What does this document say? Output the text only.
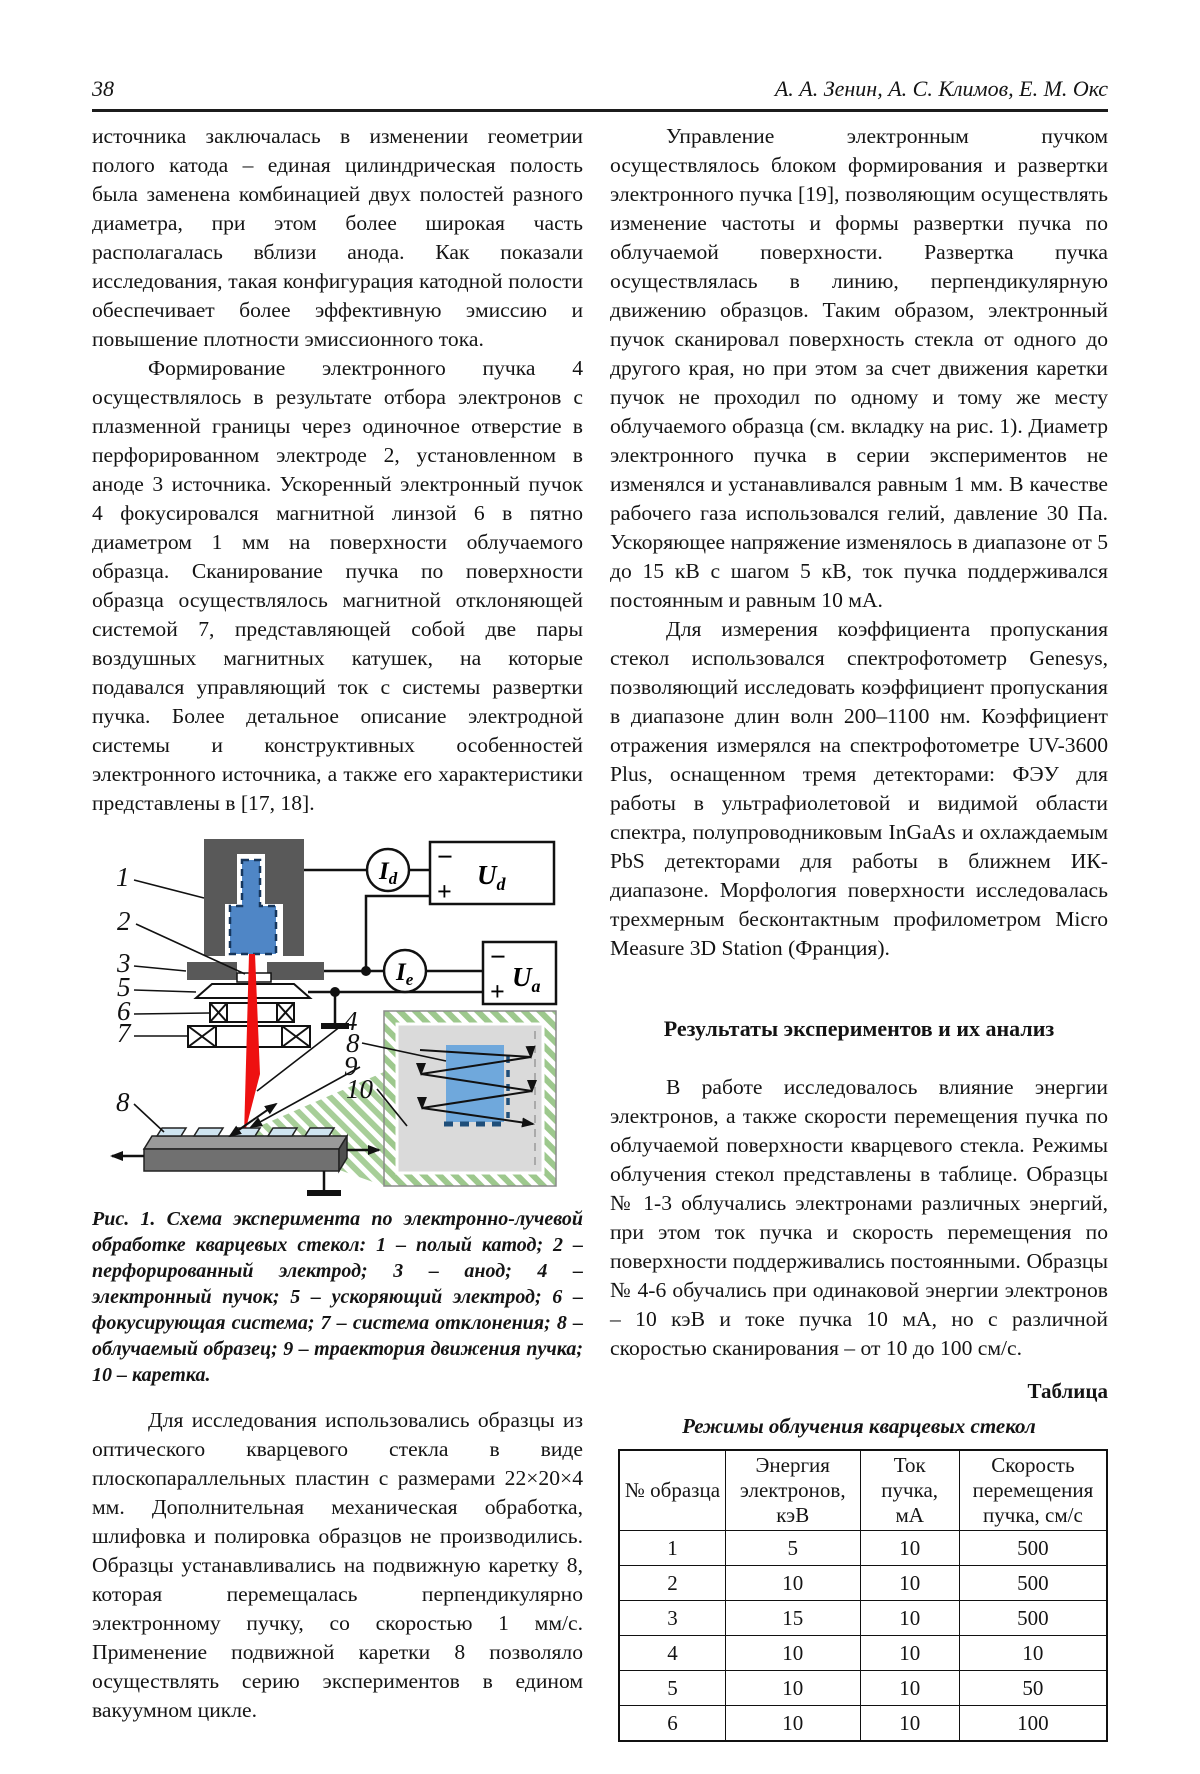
38	А. А. Зенин, А. С. Климов, Е. М. Окс

источника заключалась в изменении геометрии полого катода – единая цилиндрическая полость была заменена комбинацией двух полостей разного диаметра, при этом более широкая часть располагалась вблизи анода. Как показали исследования, такая конфигурация катодной полости обеспечивает более эффективную эмиссию и повышение плотности эмиссионного тока.

Формирование электронного пучка 4 осуществлялось в результате отбора электронов с плазменной границы через одиночное отверстие в перфорированном электроде 2, установленном в аноде 3 источника. Ускоренный электронный пучок 4 фокусировался магнитной линзой 6 в пятно диаметром 1 мм на поверхности облучаемого образца. Сканирование пучка по поверхности образца осуществлялось магнитной отклоняющей системой 7, представляющей собой две пары воздушных магнитных катушек, на которые подавался управляющий ток с системы развертки пучка. Более детальное описание электродной системы и конструктивных особенностей электронного источника, а также его характеристики представлены в [17, 18].

$I_d$
−
+
$U_d$
$I_e$
−
+ $U_a$
1
2
3
5
6
7
8
4
8
9
10

Рис. 1. Схема эксперимента по электронно-лучевой обработке кварцевых стекол: 1 – полый катод; 2 – перфорированный электрод; 3 – анод; 4 – электронный пучок; 5 – ускоряющий электрод; 6 – фокусирующая система; 7 – система отклонения; 8 – облучаемый образец; 9 – траектория движения пучка; 10 – каретка.

Для исследования использовались образцы из оптического кварцевого стекла в виде плоскопараллельных пластин с размерами 22×20×4 мм. Дополнительная механическая обработка, шлифовка и полировка образцов не производились. Образцы устанавливались на подвижную каретку 8, которая перемещалась перпендикулярно электронному пучку, со скоростью 1 мм/с. Применение подвижной каретки 8 позволяло осуществлять серию экспериментов в едином вакуумном цикле.

Управление электронным пучком осуществлялось блоком формирования и развертки электронного пучка [19], позволяющим осуществлять изменение частоты и формы развертки пучка по облучаемой поверхности. Развертка пучка осуществлялась в линию, перпендикулярную движению образцов. Таким образом, электронный пучок сканировал поверхность стекла от одного до другого края, но при этом за счет движения каретки пучок не проходил по одному и тому же месту облучаемого образца (см. вкладку на рис. 1). Диаметр электронного пучка в серии экспериментов не изменялся и устанавливался равным 1 мм. В качестве рабочего газа использовался гелий, давление 30 Па. Ускоряющее напряжение изменялось в диапазоне от 5 до 15 кВ с шагом 5 кВ, ток пучка поддерживался постоянным и равным 10 мА.

Для измерения коэффициента пропускания стекол использовался спектрофотометр Genesys, позволяющий исследовать коэффициент пропускания в диапазоне длин волн 200–1100 нм. Коэффициент отражения измерялся на спектрофотометре UV-3600 Plus, оснащенном тремя детекторами: ФЭУ для работы в ультрафиолетовой и видимой области спектра, полупроводниковым InGaAs и охлаждаемым PbS детекторами для работы в ближнем ИК-диапазоне. Морфология поверхности исследовалась трехмерным бесконтактным профилометром Micro Measure 3D Station (Франция).

Результаты экспериментов и их анализ

В работе исследовалось влияние энергии электронов, а также скорости перемещения пучка по облучаемой поверхности кварцевого стекла. Режимы облучения стекол представлены в таблице. Образцы № 1-3 облучались электронами различных энергий, при этом ток пучка и скорость перемещения по поверхности поддерживались постоянными. Образцы № 4-6 обучались при одинаковой энергии электронов – 10 кэВ и токе пучка 10 мА, но с различной скоростью сканирования – от 10 до 100 см/с.

Таблица
Режимы облучения кварцевых стекол
№ образца	Энергия электронов, кэВ	Ток пучка, мА	Скорость перемещения пучка, см/с
1	5	10	500
2	10	10	500
3	15	10	500
4	10	10	10
5	10	10	50
6	10	10	100
